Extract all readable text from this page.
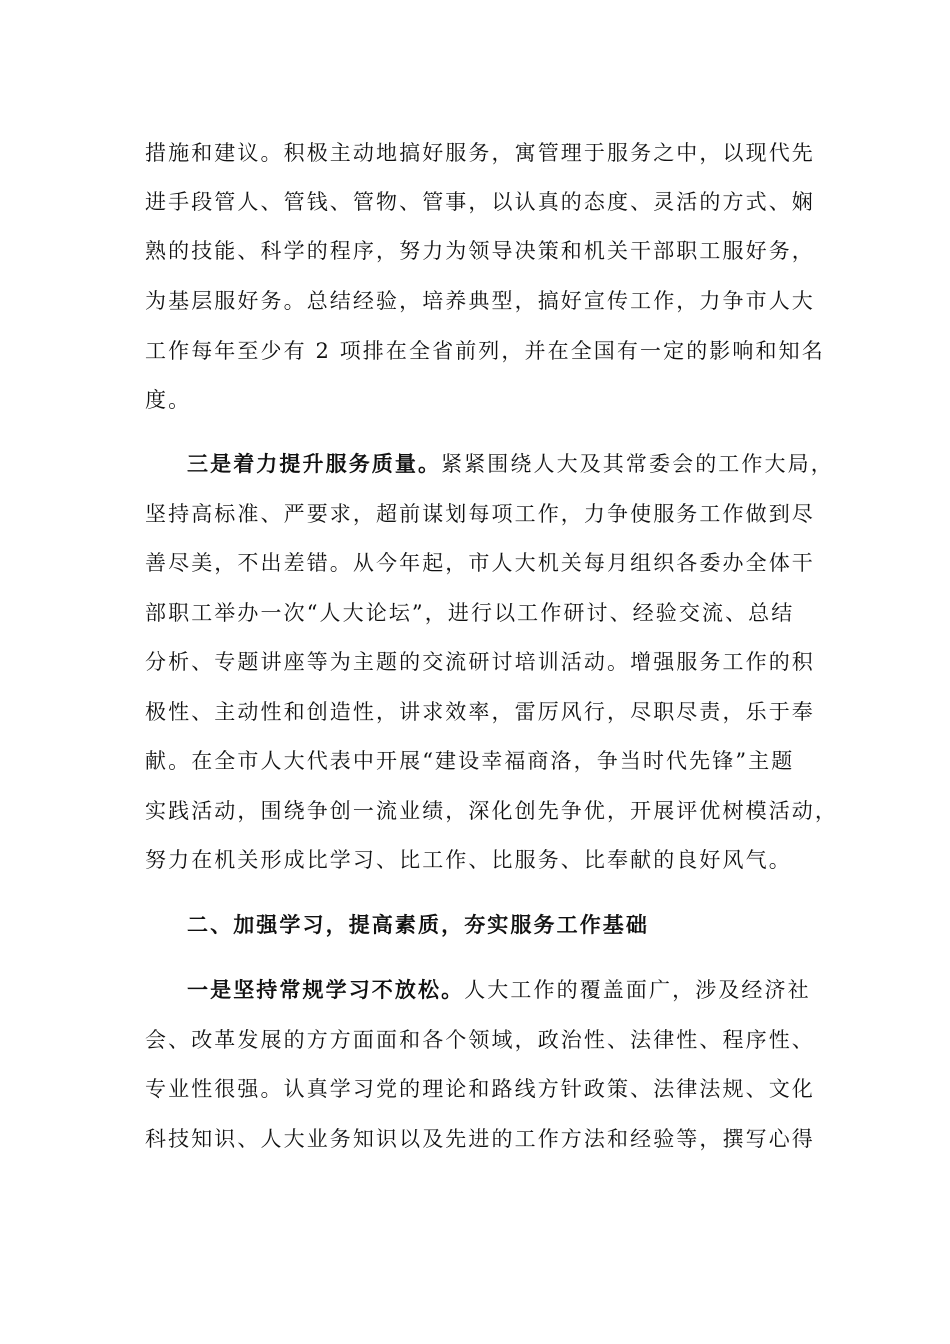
措施和建议。积极主动地搞好服务，寓管理于服务之中，以现代先
进手段管人、管钱、管物、管事，以认真的态度、灵活的方式、娴
熟的技能、科学的程序，努力为领导决策和机关干部职工服好务，
为基层服好务。总结经验，培养典型，搞好宣传工作，力争市人大
工作每年至少有 2 项排在全省前列，并在全国有一定的影响和知名
度。
三是着力提升服务质量。紧紧围绕人大及其常委会的工作大局，
坚持高标准、严要求，超前谋划每项工作，力争使服务工作做到尽
善尽美，不出差错。从今年起，市人大机关每月组织各委办全体干
部职工举办一次“人大论坛”，进行以工作研讨、经验交流、总结
分析、专题讲座等为主题的交流研讨培训活动。增强服务工作的积
极性、主动性和创造性，讲求效率，雷厉风行，尽职尽责，乐于奉
献。在全市人大代表中开展“建设幸福商洛，争当时代先锋”主题
实践活动，围绕争创一流业绩，深化创先争优，开展评优树模活动，
努力在机关形成比学习、比工作、比服务、比奉献的良好风气。
二、加强学习，提高素质，夯实服务工作基础
一是坚持常规学习不放松。人大工作的覆盖面广，涉及经济社
会、改革发展的方方面面和各个领域，政治性、法律性、程序性、
专业性很强。认真学习党的理论和路线方针政策、法律法规、文化
科技知识、人大业务知识以及先进的工作方法和经验等，撰写心得
